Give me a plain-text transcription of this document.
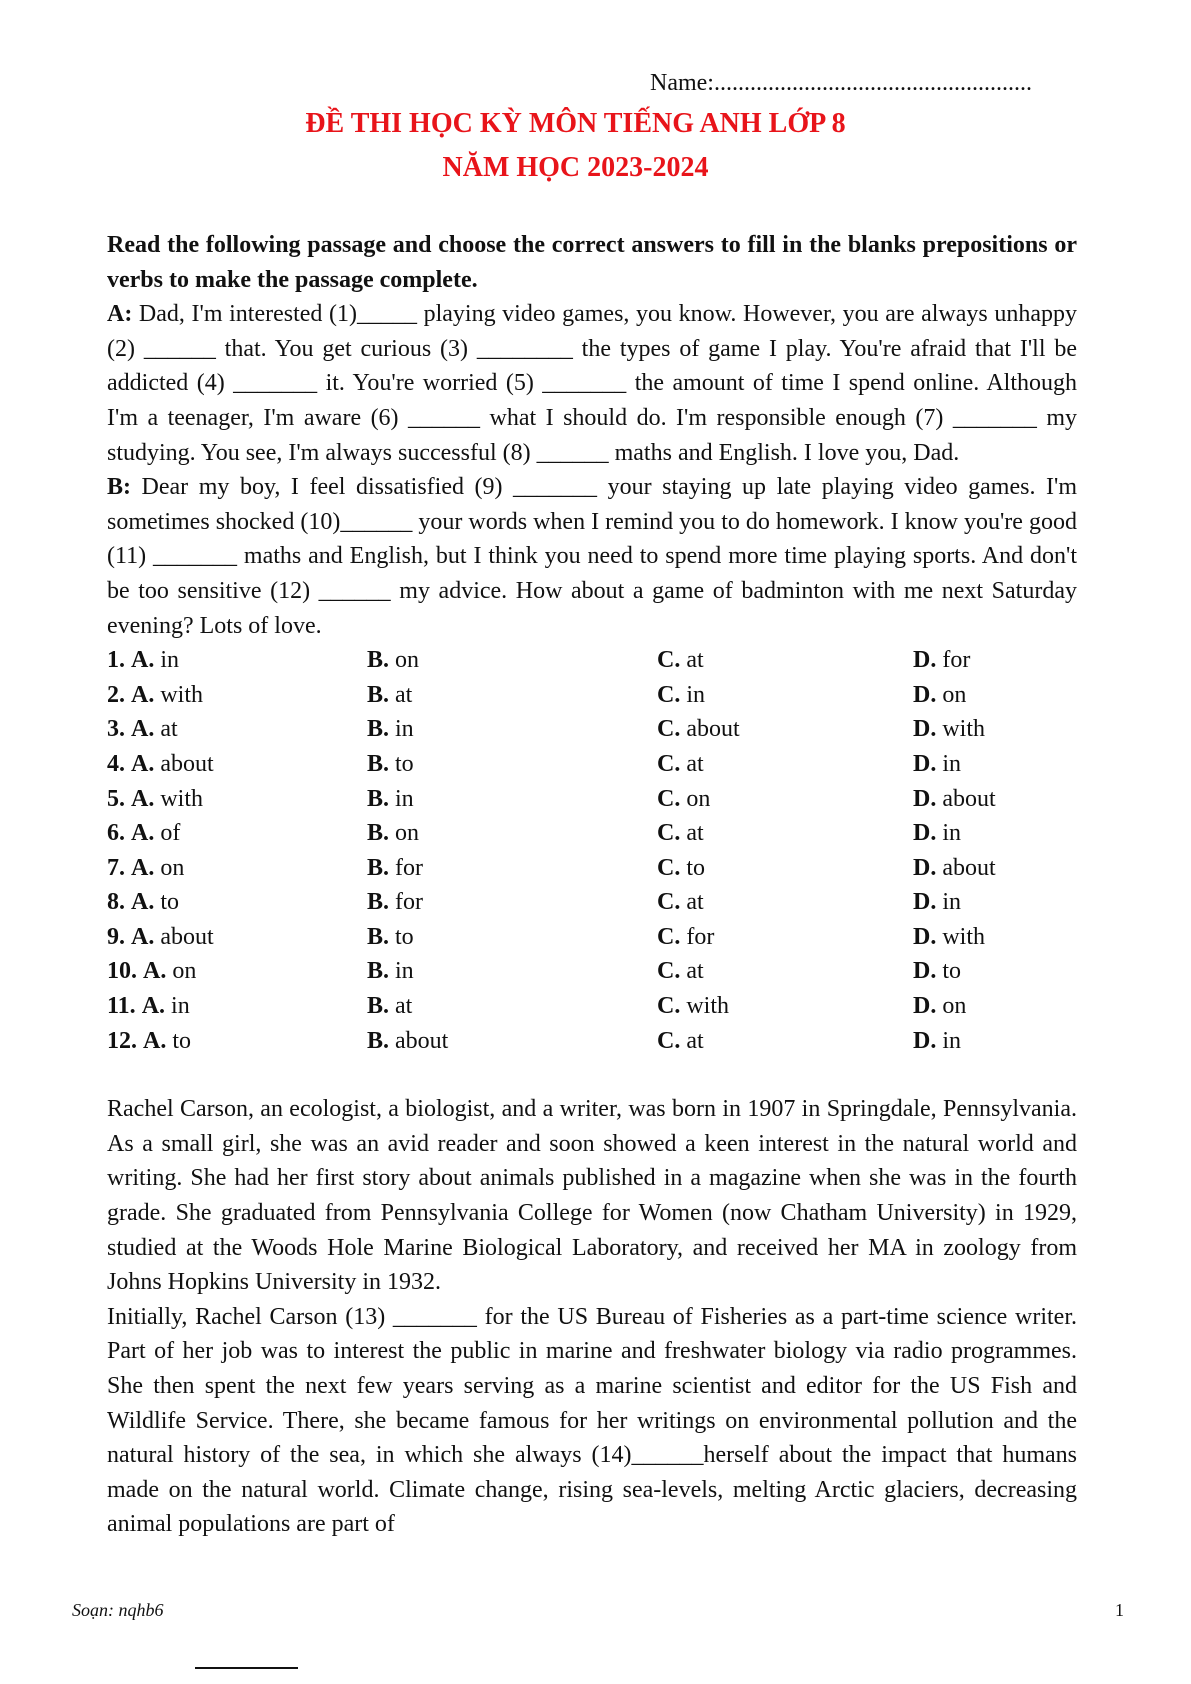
Name:.....................................................
ĐỀ THI HỌC KỲ MÔN TIẾNG ANH LỚP 8
NĂM HỌC 2023-2024

Read the following passage and choose the correct answers to fill in the blanks prepositions or verbs to make the passage complete.

A: Dad, I'm interested (1)_____ playing video games, you know. However, you are always unhappy (2) ______ that. You get curious (3) ________ the types of game I play. You're afraid that I'll be addicted (4) _______ it. You're worried (5) _______ the amount of time I spend online. Although I'm a teenager, I'm aware (6) ______ what I should do. I'm responsible enough (7) _______ my studying. You see, I'm always successful (8) ______ maths and English. I love you, Dad.

B: Dear my boy, I feel dissatisfied (9) _______ your staying up late playing video games. I'm sometimes shocked (10)______ your words when I remind you to do homework. I know you're good (11) _______ maths and English, but I think you need to spend more time playing sports. And don't be too sensitive (12) ______ my advice. How about a game of badminton with me next Saturday evening? Lots of love.

1. A. in	B. on	C. at	D. for
2. A. with	B. at	C. in	D. on
3. A. at	B. in	C. about	D. with
4. A. about	B. to	C. at	D. in
5. A. with	B. in	C. on	D. about
6. A. of	B. on	C. at	D. in
7. A. on	B. for	C. to	D. about
8. A. to	B. for	C. at	D. in
9. A. about	B. to	C. for	D. with
10. A. on	B. in	C. at	D. to
11. A. in	B. at	C. with	D. on
12. A. to	B. about	C. at	D. in

Rachel Carson, an ecologist, a biologist, and a writer, was born in 1907 in Springdale, Pennsylvania. As a small girl, she was an avid reader and soon showed a keen interest in the natural world and writing. She had her first story about animals published in a magazine when she was in the fourth grade. She graduated from Pennsylvania College for Women (now Chatham University) in 1929, studied at the Woods Hole Marine Biological Laboratory, and received her MA in zoology from Johns Hopkins University in 1932.

Initially, Rachel Carson (13) _______ for the US Bureau of Fisheries as a part-time science writer. Part of her job was to interest the public in marine and freshwater biology via radio programmes. She then spent the next few years serving as a marine scientist and editor for the US Fish and Wildlife Service. There, she became famous for her writings on environmental pollution and the natural history of the sea, in which she always (14)______herself about the impact that humans made on the natural world. Climate change, rising sea-levels, melting Arctic glaciers, decreasing animal populations are part of

Soạn: nqhb6	1
